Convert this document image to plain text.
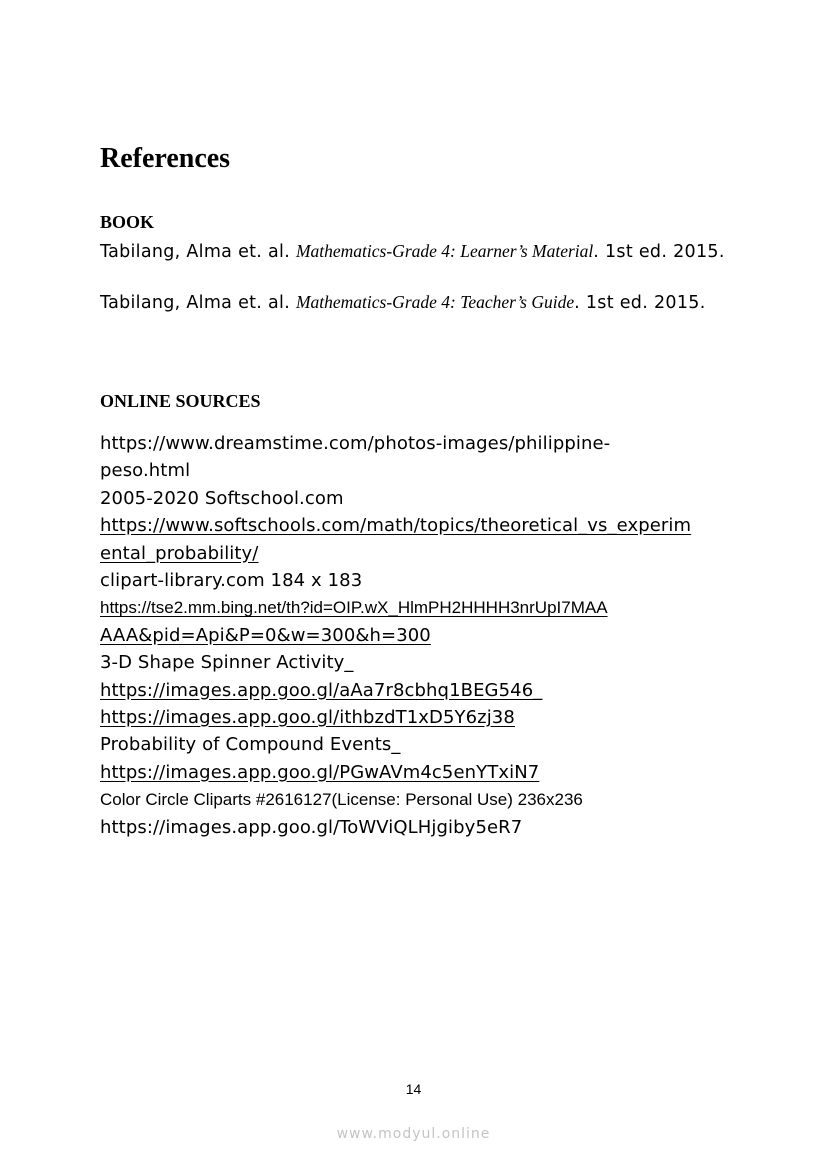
References
BOOK
Tabilang, Alma et. al. Mathematics-Grade 4: Learner’s Material. 1st ed. 2015.
Tabilang, Alma et. al. Mathematics-Grade 4: Teacher’s Guide. 1st ed. 2015.
ONLINE SOURCES
https://www.dreamstime.com/photos-images/philippine-
peso.html
2005-2020 Softschool.com
https://www.softschools.com/math/topics/theoretical_vs_experim
ental_probability/
clipart-library.com 184 x 183
https://tse2.mm.bing.net/th?id=OIP.wX_HlmPH2HHHH3nrUpI7MAA
AAA&pid=Api&P=0&w=300&h=300
3-D Shape Spinner Activity_
https://images.app.goo.gl/aAa7r8cbhq1BEG546_
https://images.app.goo.gl/ithbzdT1xD5Y6zj38
Probability of Compound Events_
https://images.app.goo.gl/PGwAVm4c5enYTxiN7
Color Circle Cliparts #2616127(License: Personal Use) 236x236
https://images.app.goo.gl/ToWViQLHjgiby5eR7
14
www.modyul.online
